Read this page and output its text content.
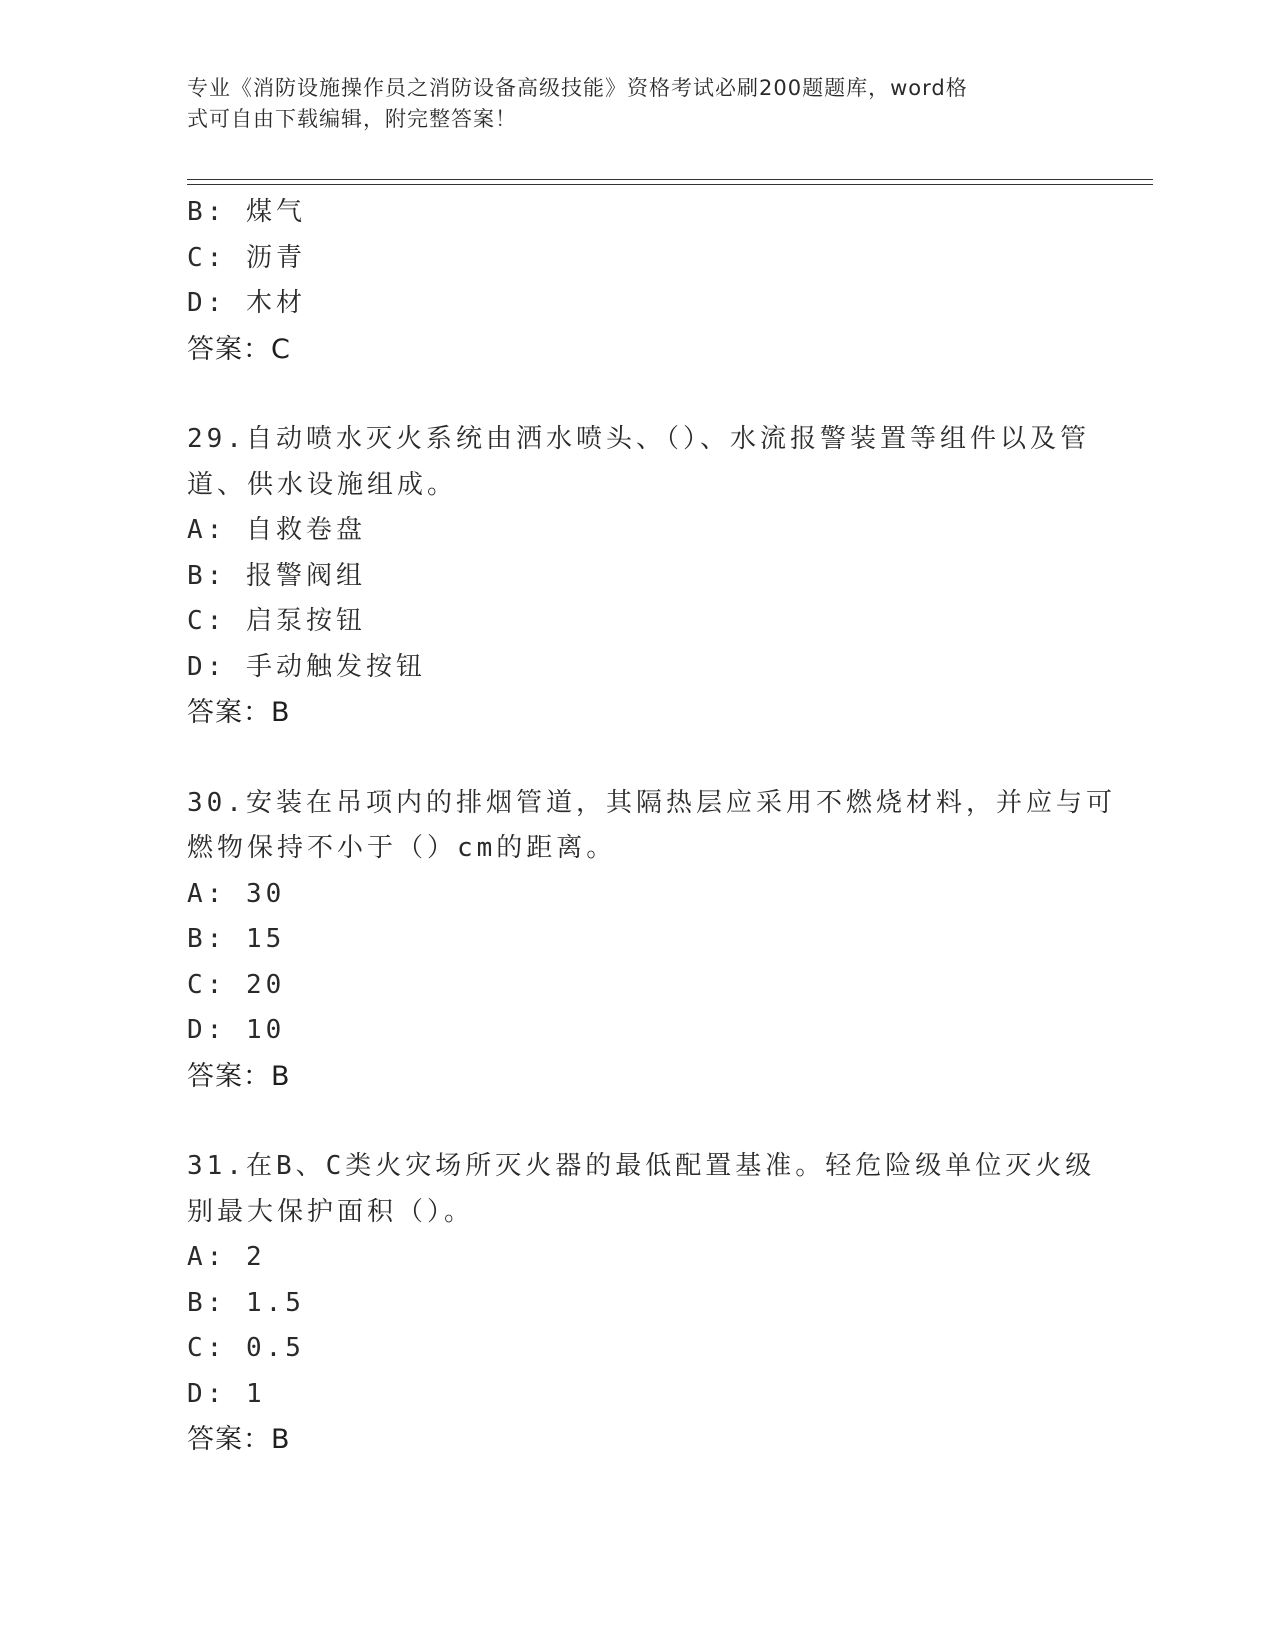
专业《消防设施操作员之消防设备高级技能》资格考试必刷200题题库，word格

式可自由下载编辑，附完整答案！

B: 煤气
C: 沥青
D: 木材
答案：C

29.自动喷水灭火系统由洒水喷头、（）、水流报警装置等组件以及管

道、供水设施组成。

A: 自救卷盘
B: 报警阀组
C: 启泵按钮
D: 手动触发按钮
答案：B

30.安装在吊项内的排烟管道，其隔热层应采用不燃烧材料，并应与可

燃物保持不小于（）cm的距离。

A: 30
B: 15
C: 20
D: 10
答案：B

31.在B、C类火灾场所灭火器的最低配置基准。轻危险级单位灭火级

别最大保护面积（）。

A: 2
B: 1.5
C: 0.5
D: 1
答案：B
